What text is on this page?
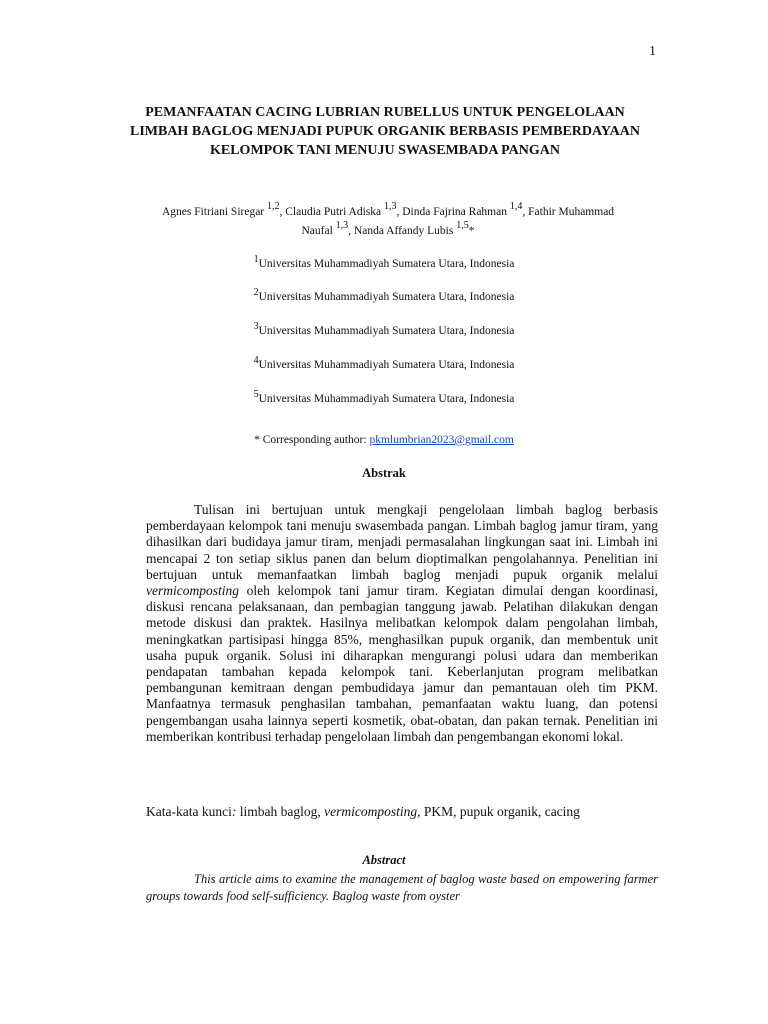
1
PEMANFAATAN CACING LUBRIAN RUBELLUS UNTUK PENGELOLAAN LIMBAH BAGLOG MENJADI PUPUK ORGANIK BERBASIS PEMBERDAYAAN KELOMPOK TANI MENUJU SWASEMBADA PANGAN
Agnes Fitriani Siregar $^{1,2}$, Claudia Putri Adiska $^{1,3}$, Dinda Fajrina Rahman $^{1,4}$, Fathir Muhammad Naufal $^{1,3}$, Nanda Affandy Lubis $^{1,5}$*
$^1$Universitas Muhammadiyah Sumatera Utara, Indonesia
$^2$Universitas Muhammadiyah Sumatera Utara, Indonesia
$^3$Universitas Muhammadiyah Sumatera Utara, Indonesia
$^4$Universitas Muhammadiyah Sumatera Utara, Indonesia
$^5$Universitas Muhammadiyah Sumatera Utara, Indonesia
* Corresponding author: pkmlumbrian2023@gmail.com
Abstrak

Tulisan ini bertujuan untuk mengkaji pengelolaan limbah baglog berbasis pemberdayaan kelompok tani menuju swasembada pangan. Limbah baglog jamur tiram, yang dihasilkan dari budidaya jamur tiram, menjadi permasalahan lingkungan saat ini. Limbah ini mencapai 2 ton setiap siklus panen dan belum dioptimalkan pengolahannya. Penelitian ini bertujuan untuk memanfaatkan limbah baglog menjadi pupuk organik melalui vermicomposting oleh kelompok tani jamur tiram. Kegiatan dimulai dengan koordinasi, diskusi rencana pelaksanaan, dan pembagian tanggung jawab. Pelatihan dilakukan dengan metode diskusi dan praktek. Hasilnya melibatkan kelompok dalam pengolahan limbah, meningkatkan partisipasi hingga 85%, menghasilkan pupuk organik, dan membentuk unit usaha pupuk organik. Solusi ini diharapkan mengurangi polusi udara dan memberikan pendapatan tambahan kepada kelompok tani. Keberlanjutan program melibatkan pembangunan kemitraan dengan pembudidaya jamur dan pemantauan oleh tim PKM. Manfaatnya termasuk penghasilan tambahan, pemanfaatan waktu luang, dan potensi pengembangan usaha lainnya seperti kosmetik, obat-obatan, dan pakan ternak. Penelitian ini memberikan kontribusi terhadap pengelolaan limbah dan pengembangan ekonomi lokal.

Kata-kata kunci: limbah baglog, vermicomposting, PKM, pupuk organik, cacing
Abstract

This article aims to examine the management of baglog waste based on empowering farmer groups towards food self-sufficiency. Baglog waste from oyster
